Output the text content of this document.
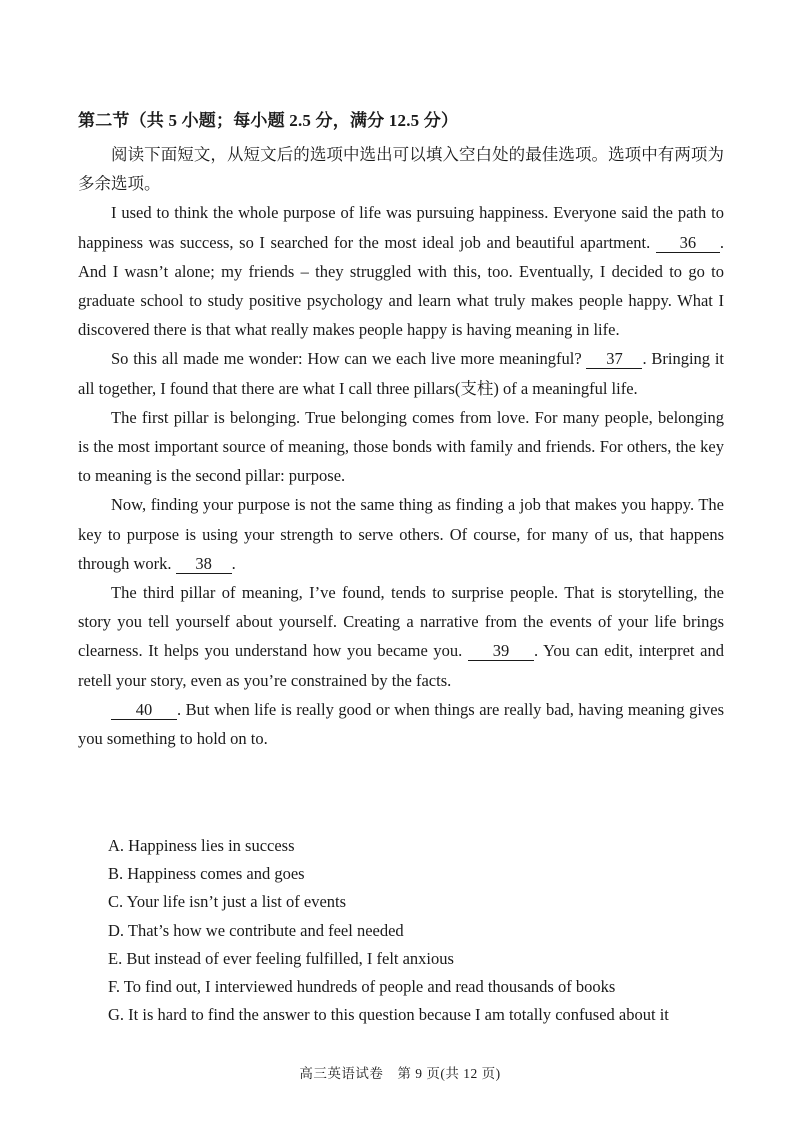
第二节（共 5 小题；每小题 2.5 分，满分 12.5 分）

阅读下面短文，从短文后的选项中选出可以填入空白处的最佳选项。选项中有两项为多余选项。

I used to think the whole purpose of life was pursuing happiness. Everyone said the path to happiness was success, so I searched for the most ideal job and beautiful apartment. 36 . And I wasn’t alone; my friends – they struggled with this, too. Eventually, I decided to go to graduate school to study positive psychology and learn what truly makes people happy. What I discovered there is that what really makes people happy is having meaning in life.

So this all made me wonder: How can we each live more meaningful? 37 . Bringing it all together, I found that there are what I call three pillars(支柱) of a meaningful life.

The first pillar is belonging. True belonging comes from love. For many people, belonging is the most important source of meaning, those bonds with family and friends. For others, the key to meaning is the second pillar: purpose.

Now, finding your purpose is not the same thing as finding a job that makes you happy. The key to purpose is using your strength to serve others. Of course, for many of us, that happens through work. 38 .

The third pillar of meaning, I’ve found, tends to surprise people. That is storytelling, the story you tell yourself about yourself. Creating a narrative from the events of your life brings clearness. It helps you understand how you became you. 39 . You can edit, interpret and retell your story, even as you’re constrained by the facts.

40 . But when life is really good or when things are really bad, having meaning gives you something to hold on to.

A. Happiness lies in success
B. Happiness comes and goes
C. Your life isn’t just a list of events
D. That’s how we contribute and feel needed
E. But instead of ever feeling fulfilled, I felt anxious
F. To find out, I interviewed hundreds of people and read thousands of books
G. It is hard to find the answer to this question because I am totally confused about it
高三英语试卷　第 9 页(共 12 页)
